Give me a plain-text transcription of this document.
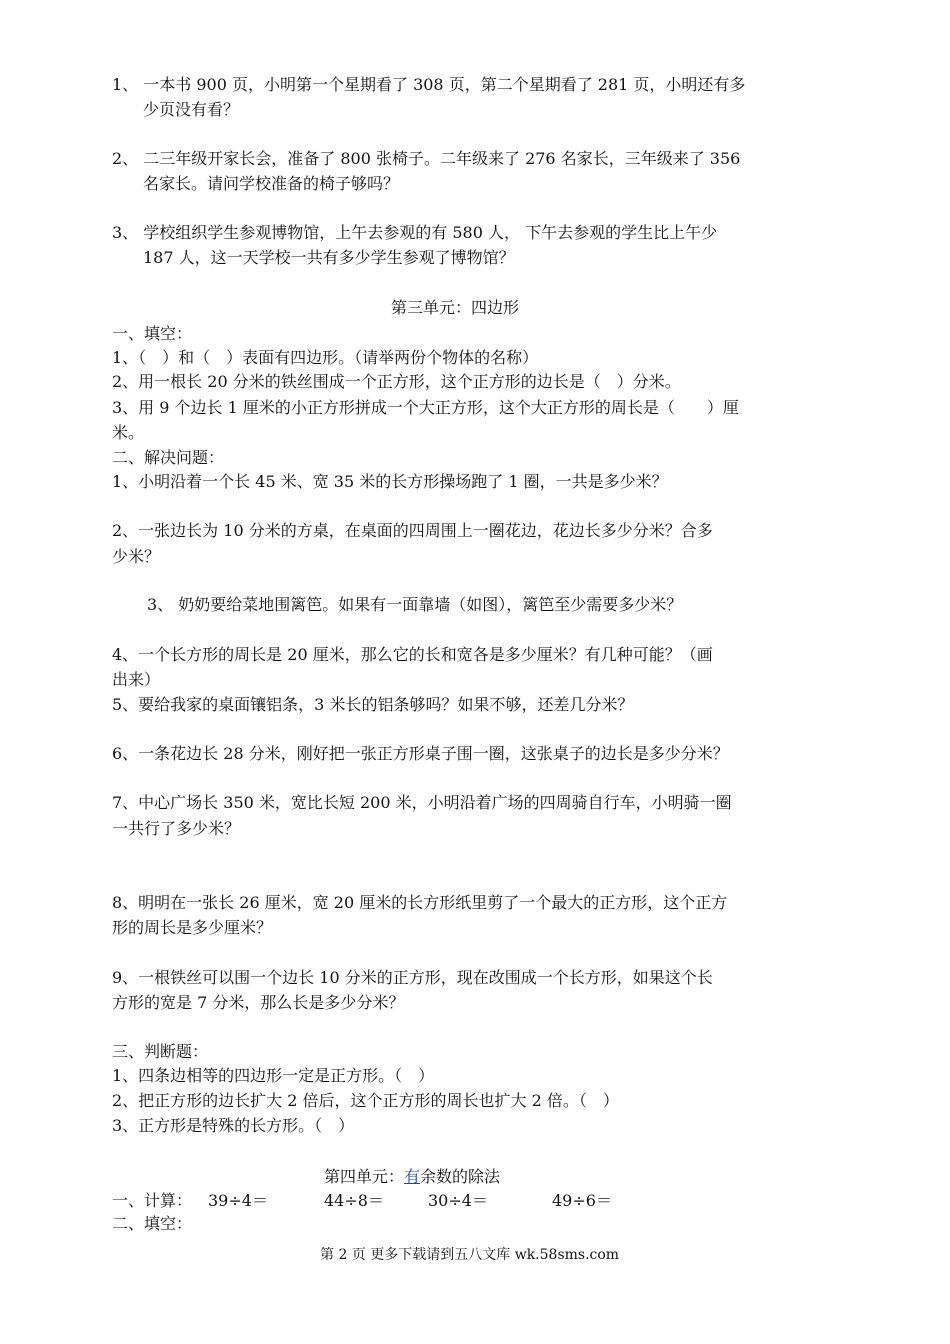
1、 一本书 900 页，小明第一个星期看了 308 页，第二个星期看了 281 页，小明还有多
少页没有看？
2、 二三年级开家长会，准备了 800 张椅子。二年级来了 276 名家长，三年级来了 356
名家长。请问学校准备的椅子够吗？
3、 学校组织学生参观博物馆，上午去参观的有 580 人， 下午去参观的学生比上午少
187 人，这一天学校一共有多少学生参观了博物馆？
第三单元：四边形
一、填空：
1、（　）和（　）表面有四边形。（请举两份个物体的名称）
2、用一根长 20 分米的铁丝围成一个正方形，这个正方形的边长是（　）分米。
3、用 9 个边长 1 厘米的小正方形拼成一个大正方形，这个大正方形的周长是（　　）厘
米。
二、解决问题：
1、小明沿着一个长 45 米、宽 35 米的长方形操场跑了 1 圈，一共是多少米？
2、一张边长为 10 分米的方桌，在桌面的四周围上一圈花边，花边长多少分米？合多
少米？
3、 奶奶要给菜地围篱笆。如果有一面靠墙（如图），篱笆至少需要多少米？
4、一个长方形的周长是 20 厘米，那么它的长和宽各是多少厘米？有几种可能？（画
出来）
5、要给我家的桌面镶铝条，3 米长的铝条够吗？如果不够，还差几分米？
6、一条花边长 28 分米，刚好把一张正方形桌子围一圈，这张桌子的边长是多少分米？
7、中心广场长 350 米，宽比长短 200 米，小明沿着广场的四周骑自行车，小明骑一圈
一共行了多少米？
8、明明在一张长 26 厘米，宽 20 厘米的长方形纸里剪了一个最大的正方形，这个正方
形的周长是多少厘米？
9、一根铁丝可以围一个边长 10 分米的正方形，现在改围成一个长方形，如果这个长
方形的宽是 7 分米，那么长是多少分米？
三、判断题：
1、四条边相等的四边形一定是正方形。（　）
2、把正方形的边长扩大 2 倍后，这个正方形的周长也扩大 2 倍。（　）
3、正方形是特殊的长方形。（　）
第四单元：有余数的除法
一、计算： 39÷4＝	44÷8＝	30÷4＝	49÷6＝
二、填空：
第 2 页 更多下载请到五八文库 wk.58sms.com
